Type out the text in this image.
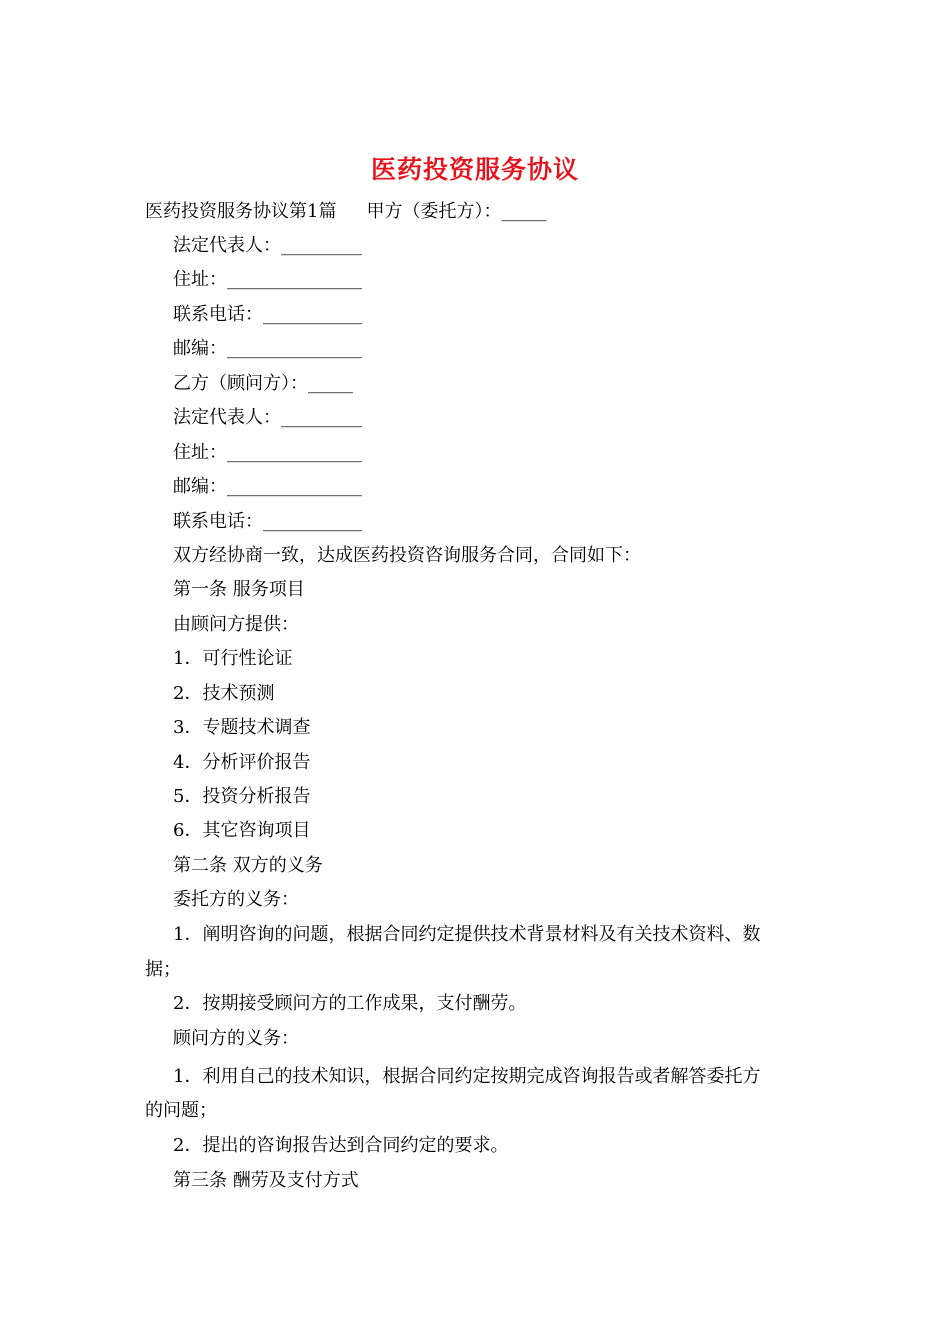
医药投资服务协议
医药投资服务协议第1篇 甲方（委托方）：_____
法定代表人：_________
住址：_______________
联系电话：___________
邮编：_______________
乙方（顾问方）：_____
法定代表人：_________
住址：_______________
邮编：_______________
联系电话：___________
双方经协商一致，达成医药投资咨询服务合同，合同如下：
第一条 服务项目
由顾问方提供：
1．可行性论证
2．技术预测
3．专题技术调查
4．分析评价报告
5．投资分析报告
6．其它咨询项目
第二条 双方的义务
委托方的义务：
1．阐明咨询的问题，根据合同约定提供技术背景材料及有关技术资料、数
据；
2．按期接受顾问方的工作成果，支付酬劳。
顾问方的义务：
1．利用自己的技术知识，根据合同约定按期完成咨询报告或者解答委托方
的问题；
2．提出的咨询报告达到合同约定的要求。
第三条 酬劳及支付方式
